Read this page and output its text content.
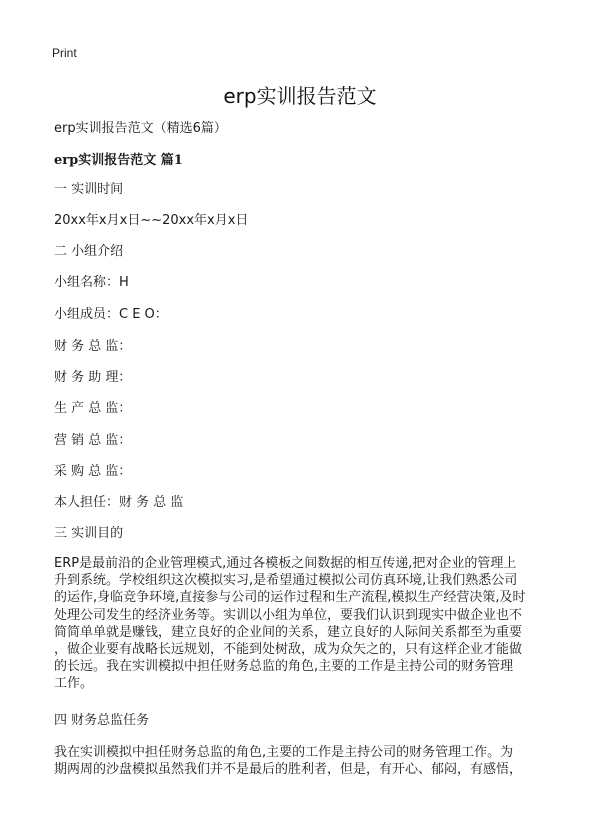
Print
erp实训报告范文
erp实训报告范文（精选6篇）
erp实训报告范文 篇1
一 实训时间
20xx年x月x日~~20xx年x月x日
二 小组介绍
小组名称：H
小组成员：C E O：
财 务 总 监：
财 务 助 理：
生 产 总 监：
营 销 总 监：
采 购 总 监：
本人担任：财 务 总 监
三 实训目的
ERP是最前沿的企业管理模式,通过各模板之间数据的相互传递,把对企业的管理上
升到系统。学校组织这次模拟实习,是希望通过模拟公司仿真环境,让我们熟悉公司
的运作,身临竞争环境,直接参与公司的运作过程和生产流程,模拟生产经营决策,及时
处理公司发生的经济业务等。实训以小组为单位，要我们认识到现实中做企业也不
简简单单就是赚钱，建立良好的企业间的关系，建立良好的人际间关系都至为重要
，做企业要有战略长远规划，不能到处树敌，成为众矢之的，只有这样企业才能做
的长远。我在实训模拟中担任财务总监的角色,主要的工作是主持公司的财务管理
工作。
四 财务总监任务
我在实训模拟中担任财务总监的角色,主要的工作是主持公司的财务管理工作。为
期两周的沙盘模拟虽然我们并不是最后的胜利者，但是，有开心、郁闷，有感悟，
